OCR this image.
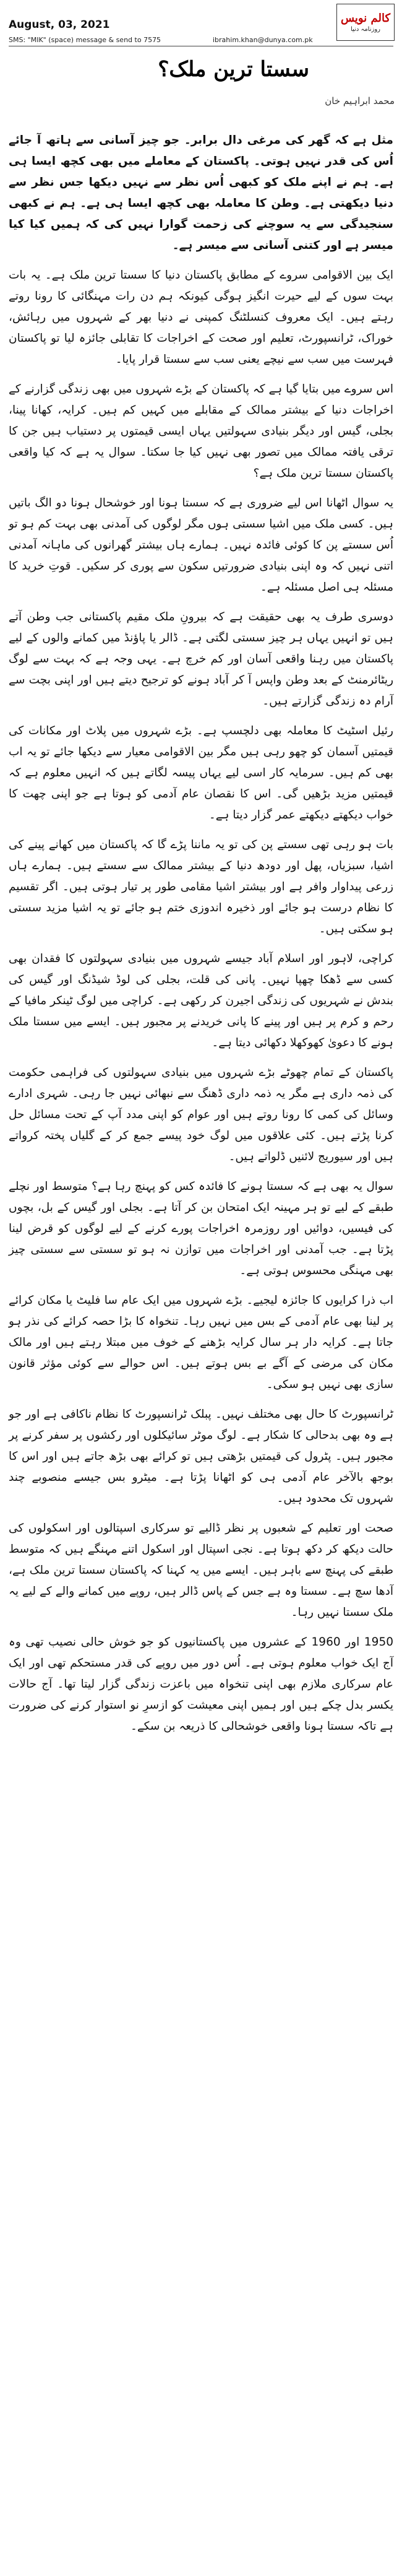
August, 03, 2021
SMS: "MIK" (space) message & send to 7575	ibrahim.khan@dunya.com.pk
کالم نویس
روزنامہ دنیا
سستا ترین ملک؟
محمد ابراہیم خان

مثل ہے کہ گھر کی مرغی دال برابر۔ جو چیز آسانی سے ہاتھ آ جائے اُس کی قدر نہیں ہوتی۔ پاکستان کے معاملے میں بھی کچھ ایسا ہی ہے۔ ہم نے اپنے ملک کو کبھی اُس نظر سے نہیں دیکھا جس نظر سے دنیا دیکھتی ہے۔ وطن کا معاملہ بھی کچھ ایسا ہی ہے۔ ہم نے کبھی سنجیدگی سے یہ سوچنے کی زحمت گوارا نہیں کی کہ ہمیں کیا کیا میسر ہے اور کتنی آسانی سے میسر ہے۔

ایک بین الاقوامی سروے کے مطابق پاکستان دنیا کا سستا ترین ملک ہے۔ یہ بات بہت سوں کے لیے حیرت انگیز ہوگی کیونکہ ہم دن رات مہنگائی کا رونا روتے رہتے ہیں۔ ایک معروف کنسلٹنگ کمپنی نے دنیا بھر کے شہروں میں رہائش، خوراک، ٹرانسپورٹ، تعلیم اور صحت کے اخراجات کا تقابلی جائزہ لیا تو پاکستان فہرست میں سب سے نیچے یعنی سب سے سستا قرار پایا۔

اس سروے میں بتایا گیا ہے کہ پاکستان کے بڑے شہروں میں بھی زندگی گزارنے کے اخراجات دنیا کے بیشتر ممالک کے مقابلے میں کہیں کم ہیں۔ کرایہ، کھانا پینا، بجلی، گیس اور دیگر بنیادی سہولتیں یہاں ایسی قیمتوں پر دستیاب ہیں جن کا ترقی یافتہ ممالک میں تصور بھی نہیں کیا جا سکتا۔ سوال یہ ہے کہ کیا واقعی پاکستان سستا ترین ملک ہے؟

یہ سوال اٹھانا اس لیے ضروری ہے کہ سستا ہونا اور خوشحال ہونا دو الگ باتیں ہیں۔ کسی ملک میں اشیا سستی ہوں مگر لوگوں کی آمدنی بھی بہت کم ہو تو اُس سستے پن کا کوئی فائدہ نہیں۔ ہمارے ہاں بیشتر گھرانوں کی ماہانہ آمدنی اتنی نہیں کہ وہ اپنی بنیادی ضرورتیں سکون سے پوری کر سکیں۔ قوتِ خرید کا مسئلہ ہی اصل مسئلہ ہے۔

دوسری طرف یہ بھی حقیقت ہے کہ بیرونِ ملک مقیم پاکستانی جب وطن آتے ہیں تو انہیں یہاں ہر چیز سستی لگتی ہے۔ ڈالر یا پاؤنڈ میں کمانے والوں کے لیے پاکستان میں رہنا واقعی آسان اور کم خرچ ہے۔ یہی وجہ ہے کہ بہت سے لوگ ریٹائرمنٹ کے بعد وطن واپس آ کر آباد ہونے کو ترجیح دیتے ہیں اور اپنی بچت سے آرام دہ زندگی گزارتے ہیں۔

رئیل اسٹیٹ کا معاملہ بھی دلچسپ ہے۔ بڑے شہروں میں پلاٹ اور مکانات کی قیمتیں آسمان کو چھو رہی ہیں مگر بین الاقوامی معیار سے دیکھا جائے تو یہ اب بھی کم ہیں۔ سرمایہ کار اسی لیے یہاں پیسہ لگاتے ہیں کہ انہیں معلوم ہے کہ قیمتیں مزید بڑھیں گی۔ اس کا نقصان عام آدمی کو ہوتا ہے جو اپنی چھت کا خواب دیکھتے دیکھتے عمر گزار دیتا ہے۔

بات ہو رہی تھی سستے پن کی تو یہ ماننا پڑے گا کہ پاکستان میں کھانے پینے کی اشیا، سبزیاں، پھل اور دودھ دنیا کے بیشتر ممالک سے سستے ہیں۔ ہمارے ہاں زرعی پیداوار وافر ہے اور بیشتر اشیا مقامی طور پر تیار ہوتی ہیں۔ اگر تقسیم کا نظام درست ہو جائے اور ذخیرہ اندوزی ختم ہو جائے تو یہ اشیا مزید سستی ہو سکتی ہیں۔

کراچی، لاہور اور اسلام آباد جیسے شہروں میں بنیادی سہولتوں کا فقدان بھی کسی سے ڈھکا چھپا نہیں۔ پانی کی قلت، بجلی کی لوڈ شیڈنگ اور گیس کی بندش نے شہریوں کی زندگی اجیرن کر رکھی ہے۔ کراچی میں لوگ ٹینکر مافیا کے رحم و کرم پر ہیں اور پینے کا پانی خریدنے پر مجبور ہیں۔ ایسے میں سستا ملک ہونے کا دعویٰ کھوکھلا دکھائی دیتا ہے۔

پاکستان کے تمام چھوٹے بڑے شہروں میں بنیادی سہولتوں کی فراہمی حکومت کی ذمہ داری ہے مگر یہ ذمہ داری ڈھنگ سے نبھائی نہیں جا رہی۔ شہری ادارے وسائل کی کمی کا رونا روتے ہیں اور عوام کو اپنی مدد آپ کے تحت مسائل حل کرنا پڑتے ہیں۔ کئی علاقوں میں لوگ خود پیسے جمع کر کے گلیاں پختہ کرواتے ہیں اور سیوریج لائنیں ڈلواتے ہیں۔

سوال یہ بھی ہے کہ سستا ہونے کا فائدہ کس کو پہنچ رہا ہے؟ متوسط اور نچلے طبقے کے لیے تو ہر مہینہ ایک امتحان بن کر آتا ہے۔ بجلی اور گیس کے بل، بچوں کی فیسیں، دوائیں اور روزمرہ اخراجات پورے کرنے کے لیے لوگوں کو قرض لینا پڑتا ہے۔ جب آمدنی اور اخراجات میں توازن نہ ہو تو سستی سے سستی چیز بھی مہنگی محسوس ہوتی ہے۔

اب ذرا کرایوں کا جائزہ لیجیے۔ بڑے شہروں میں ایک عام سا فلیٹ یا مکان کرائے پر لینا بھی عام آدمی کے بس میں نہیں رہا۔ تنخواہ کا بڑا حصہ کرائے کی نذر ہو جاتا ہے۔ کرایہ دار ہر سال کرایہ بڑھنے کے خوف میں مبتلا رہتے ہیں اور مالک مکان کی مرضی کے آگے بے بس ہوتے ہیں۔ اس حوالے سے کوئی مؤثر قانون سازی بھی نہیں ہو سکی۔

ٹرانسپورٹ کا حال بھی مختلف نہیں۔ پبلک ٹرانسپورٹ کا نظام ناکافی ہے اور جو ہے وہ بھی بدحالی کا شکار ہے۔ لوگ موٹر سائیکلوں اور رکشوں پر سفر کرنے پر مجبور ہیں۔ پٹرول کی قیمتیں بڑھتی ہیں تو کرائے بھی بڑھ جاتے ہیں اور اس کا بوجھ بالآخر عام آدمی ہی کو اٹھانا پڑتا ہے۔ میٹرو بس جیسے منصوبے چند شہروں تک محدود ہیں۔

صحت اور تعلیم کے شعبوں پر نظر ڈالیے تو سرکاری اسپتالوں اور اسکولوں کی حالت دیکھ کر دکھ ہوتا ہے۔ نجی اسپتال اور اسکول اتنے مہنگے ہیں کہ متوسط طبقے کی پہنچ سے باہر ہیں۔ ایسے میں یہ کہنا کہ پاکستان سستا ترین ملک ہے، آدھا سچ ہے۔ سستا وہ ہے جس کے پاس ڈالر ہیں، روپے میں کمانے والے کے لیے یہ ملک سستا نہیں رہا۔

1950 اور 1960 کے عشروں میں پاکستانیوں کو جو خوش حالی نصیب تھی وہ آج ایک خواب معلوم ہوتی ہے۔ اُس دور میں روپے کی قدر مستحکم تھی اور ایک عام سرکاری ملازم بھی اپنی تنخواہ میں باعزت زندگی گزار لیتا تھا۔ آج حالات یکسر بدل چکے ہیں اور ہمیں اپنی معیشت کو ازسرِ نو استوار کرنے کی ضرورت ہے تاکہ سستا ہونا واقعی خوشحالی کا ذریعہ بن سکے۔
